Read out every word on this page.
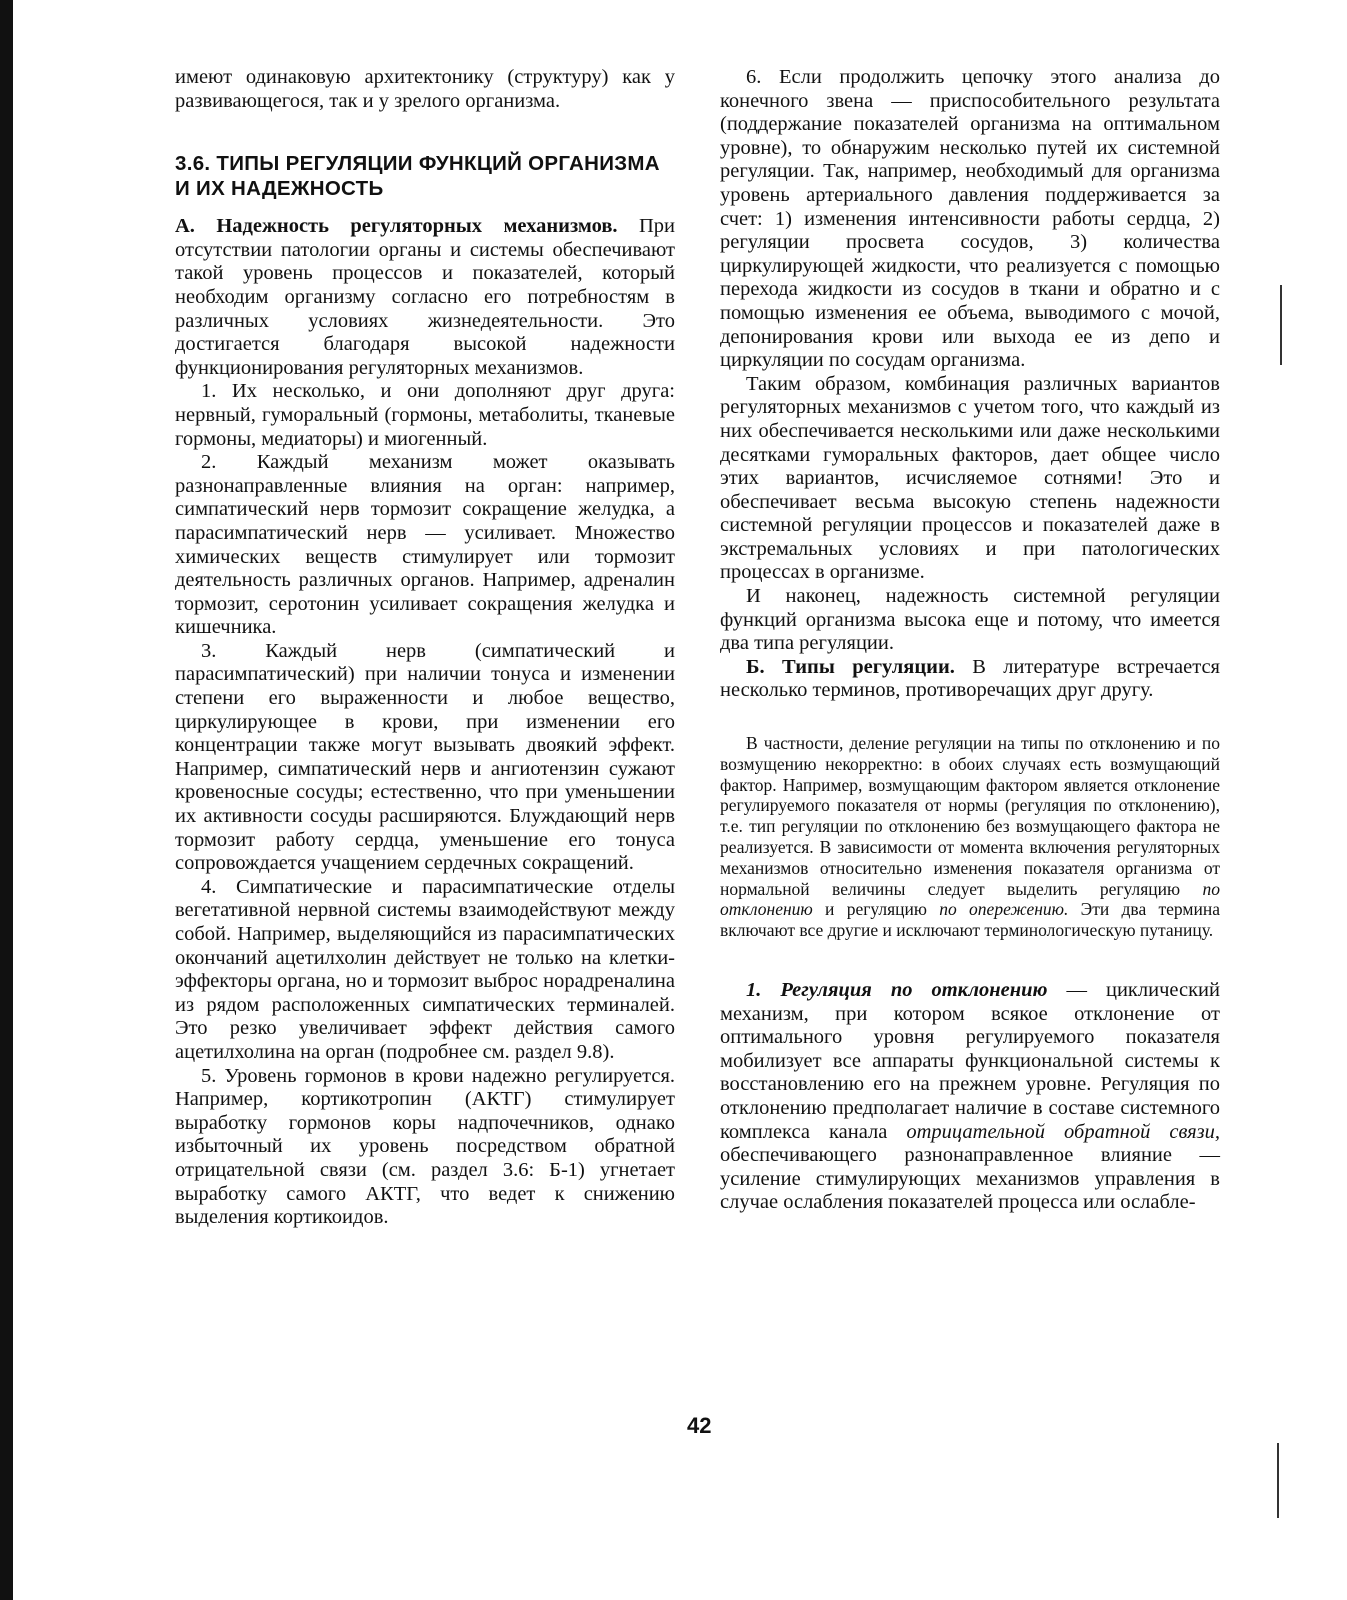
имеют одинаковую архитектонику (структуру) как у развивающегося, так и у зрелого организма.

3.6. ТИПЫ РЕГУЛЯЦИИ ФУНКЦИЙ ОРГАНИЗМА И ИХ НАДЕЖНОСТЬ

А. Надежность регуляторных механизмов. При отсутствии патологии органы и системы обеспечивают такой уровень процессов и показателей, который необходим организму согласно его потребностям в различных условиях жизнедеятельности. Это достигается благодаря высокой надежности функционирования регуляторных механизмов.

1. Их несколько, и они дополняют друг друга: нервный, гуморальный (гормоны, метаболиты, тканевые гормоны, медиаторы) и миогенный.

2. Каждый механизм может оказывать разнонаправленные влияния на орган: например, симпатический нерв тормозит сокращение желудка, а парасимпатический нерв — усиливает. Множество химических веществ стимулирует или тормозит деятельность различных органов. Например, адреналин тормозит, серотонин усиливает сокращения желудка и кишечника.

3. Каждый нерв (симпатический и парасимпатический) при наличии тонуса и изменении степени его выраженности и любое вещество, циркулирующее в крови, при изменении его концентрации также могут вызывать двоякий эффект. Например, симпатический нерв и ангиотензин сужают кровеносные сосуды; естественно, что при уменьшении их активности сосуды расширяются. Блуждающий нерв тормозит работу сердца, уменьшение его тонуса сопровождается учащением сердечных сокращений.

4. Симпатические и парасимпатические отделы вегетативной нервной системы взаимодействуют между собой. Например, выделяющийся из парасимпатических окончаний ацетилхолин действует не только на клетки-эффекторы органа, но и тормозит выброс норадреналина из рядом расположенных симпатических терминалей. Это резко увеличивает эффект действия самого ацетилхолина на орган (подробнее см. раздел 9.8).

5. Уровень гормонов в крови надежно регулируется. Например, кортикотропин (АКТГ) стимулирует выработку гормонов коры надпочечников, однако избыточный их уровень посредством обратной отрицательной связи (см. раздел 3.6: Б-1) угнетает выработку самого АКТГ, что ведет к снижению выделения кортикоидов.

6. Если продолжить цепочку этого анализа до конечного звена — приспособительного результата (поддержание показателей организма на оптимальном уровне), то обнаружим несколько путей их системной регуляции. Так, например, необходимый для организма уровень артериального давления поддерживается за счет: 1) изменения интенсивности работы сердца, 2) регуляции просвета сосудов, 3) количества циркулирующей жидкости, что реализуется с помощью перехода жидкости из сосудов в ткани и обратно и с помощью изменения ее объема, выводимого с мочой, депонирования крови или выхода ее из депо и циркуляции по сосудам организма.

Таким образом, комбинация различных вариантов регуляторных механизмов с учетом того, что каждый из них обеспечивается несколькими или даже несколькими десятками гуморальных факторов, дает общее число этих вариантов, исчисляемое сотнями! Это и обеспечивает весьма высокую степень надежности системной регуляции процессов и показателей даже в экстремальных условиях и при патологических процессах в организме.

И наконец, надежность системной регуляции функций организма высока еще и потому, что имеется два типа регуляции.

Б. Типы регуляции. В литературе встречается несколько терминов, противоречащих друг другу.

В частности, деление регуляции на типы по отклонению и по возмущению некорректно: в обоих случаях есть возмущающий фактор. Например, возмущающим фактором является отклонение регулируемого показателя от нормы (регуляция по отклонению), т.е. тип регуляции по отклонению без возмущающего фактора не реализуется. В зависимости от момента включения регуляторных механизмов относительно изменения показателя организма от нормальной величины следует выделить регуляцию по отклонению и регуляцию по опережению. Эти два термина включают все другие и исключают терминологическую путаницу.

1. Регуляция по отклонению — циклический механизм, при котором всякое отклонение от оптимального уровня регулируемого показателя мобилизует все аппараты функциональной системы к восстановлению его на прежнем уровне. Регуляция по отклонению предполагает наличие в составе системного комплекса канала отрицательной обратной связи, обеспечивающего разнонаправленное влияние — усиление стимулирующих механизмов управления в случае ослабления показателей процесса или ослабле-

42
